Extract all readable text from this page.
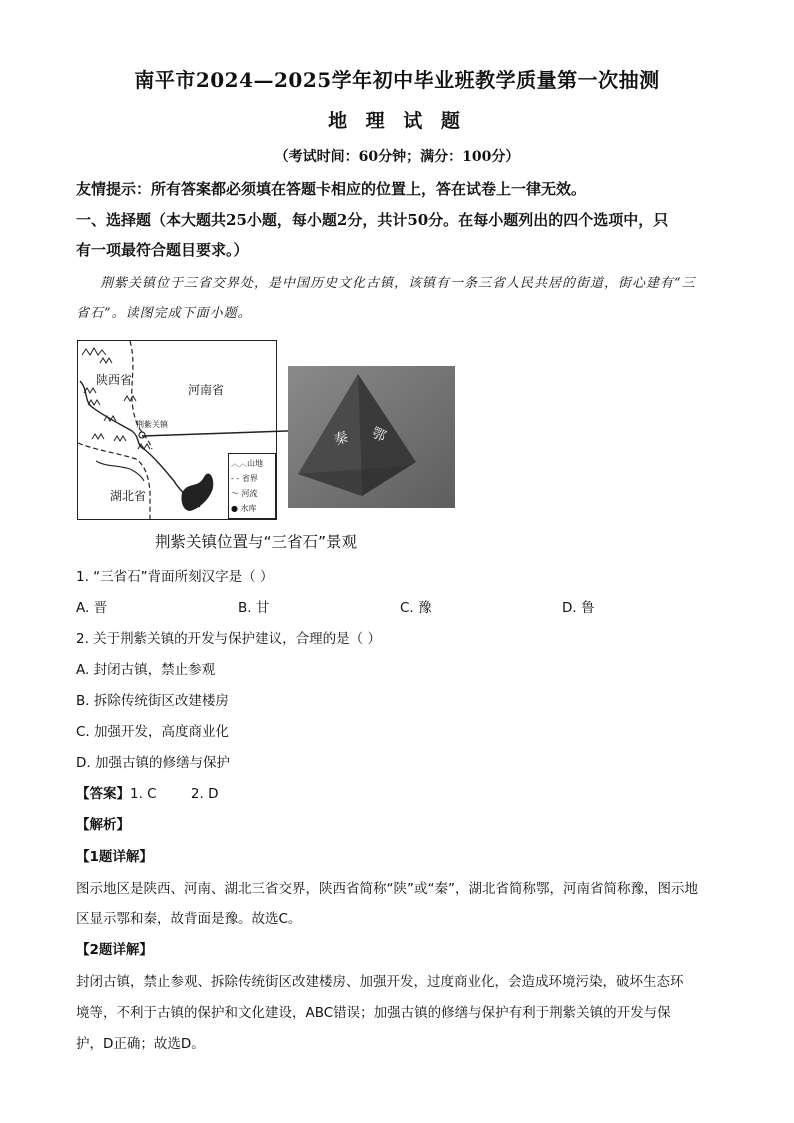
南平市2024—2025学年初中毕业班教学质量第一次抽测
地 理 试 题
（考试时间：60分钟；满分：100分）
友情提示：所有答案都必须填在答题卡相应的位置上，答在试卷上一律无效。
一、选择题（本大题共25小题，每小题2分，共计50分。在每小题列出的四个选项中，只
有一项最符合题目要求。）
荆紫关镇位于三省交界处，是中国历史文化古镇，该镇有一条三省人民共居的街道，街心建有“三
省石”。读图完成下面小题。
陕西省
河南省
荆紫关镇
湖北省
︿︿山地
- - 省界
～ 河流
● 水库
秦 鄂
荆紫关镇位置与“三省石”景观
1. “三省石”背面所刻汉字是（ ）
A. 晋	B. 甘	C. 豫	D. 鲁
2. 关于荆紫关镇的开发与保护建议，合理的是（ ）
A. 封闭古镇，禁止参观
B. 拆除传统街区改建楼房
C. 加强开发，高度商业化
D. 加强古镇的修缮与保护
【答案】1. C        2. D
【解析】
【1题详解】
图示地区是陕西、河南、湖北三省交界，陕西省简称“陕”或“秦”，湖北省简称鄂，河南省简称豫，图示地
区显示鄂和秦，故背面是豫。故选C。
【2题详解】
封闭古镇，禁止参观、拆除传统街区改建楼房、加强开发，过度商业化，会造成环境污染，破坏生态环
境等，不利于古镇的保护和文化建设，ABC错误；加强古镇的修缮与保护有利于荆紫关镇的开发与保
护，D正确；故选D。
